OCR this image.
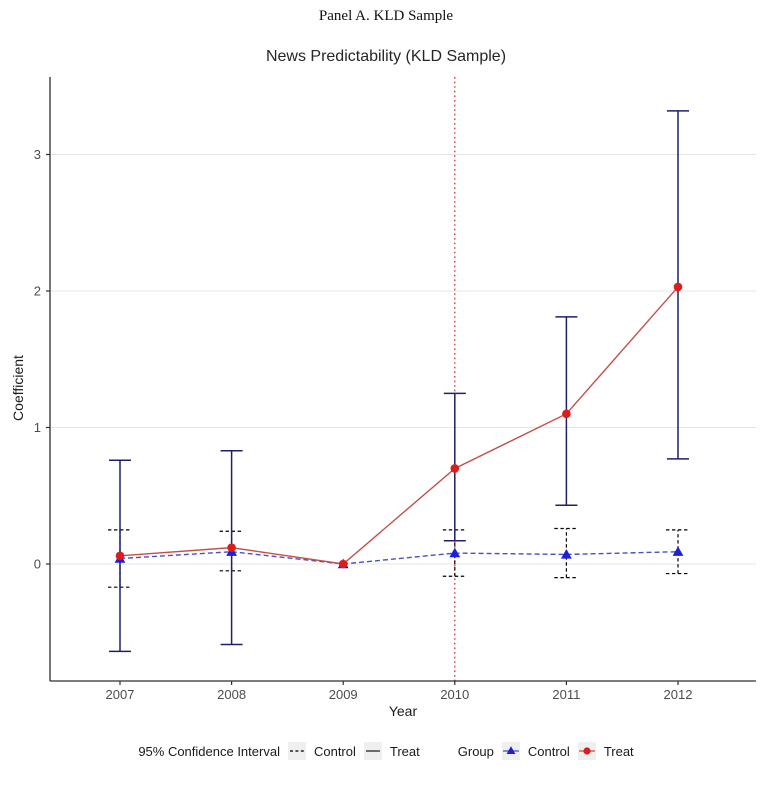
Panel A. KLD Sample
News Predictability (KLD Sample)
0
1
2
3
2007	2008	2009	2010	2011	2012
Year
Coefficient
95% Confidence Interval	Control	Treat	Group	Control	Treat
